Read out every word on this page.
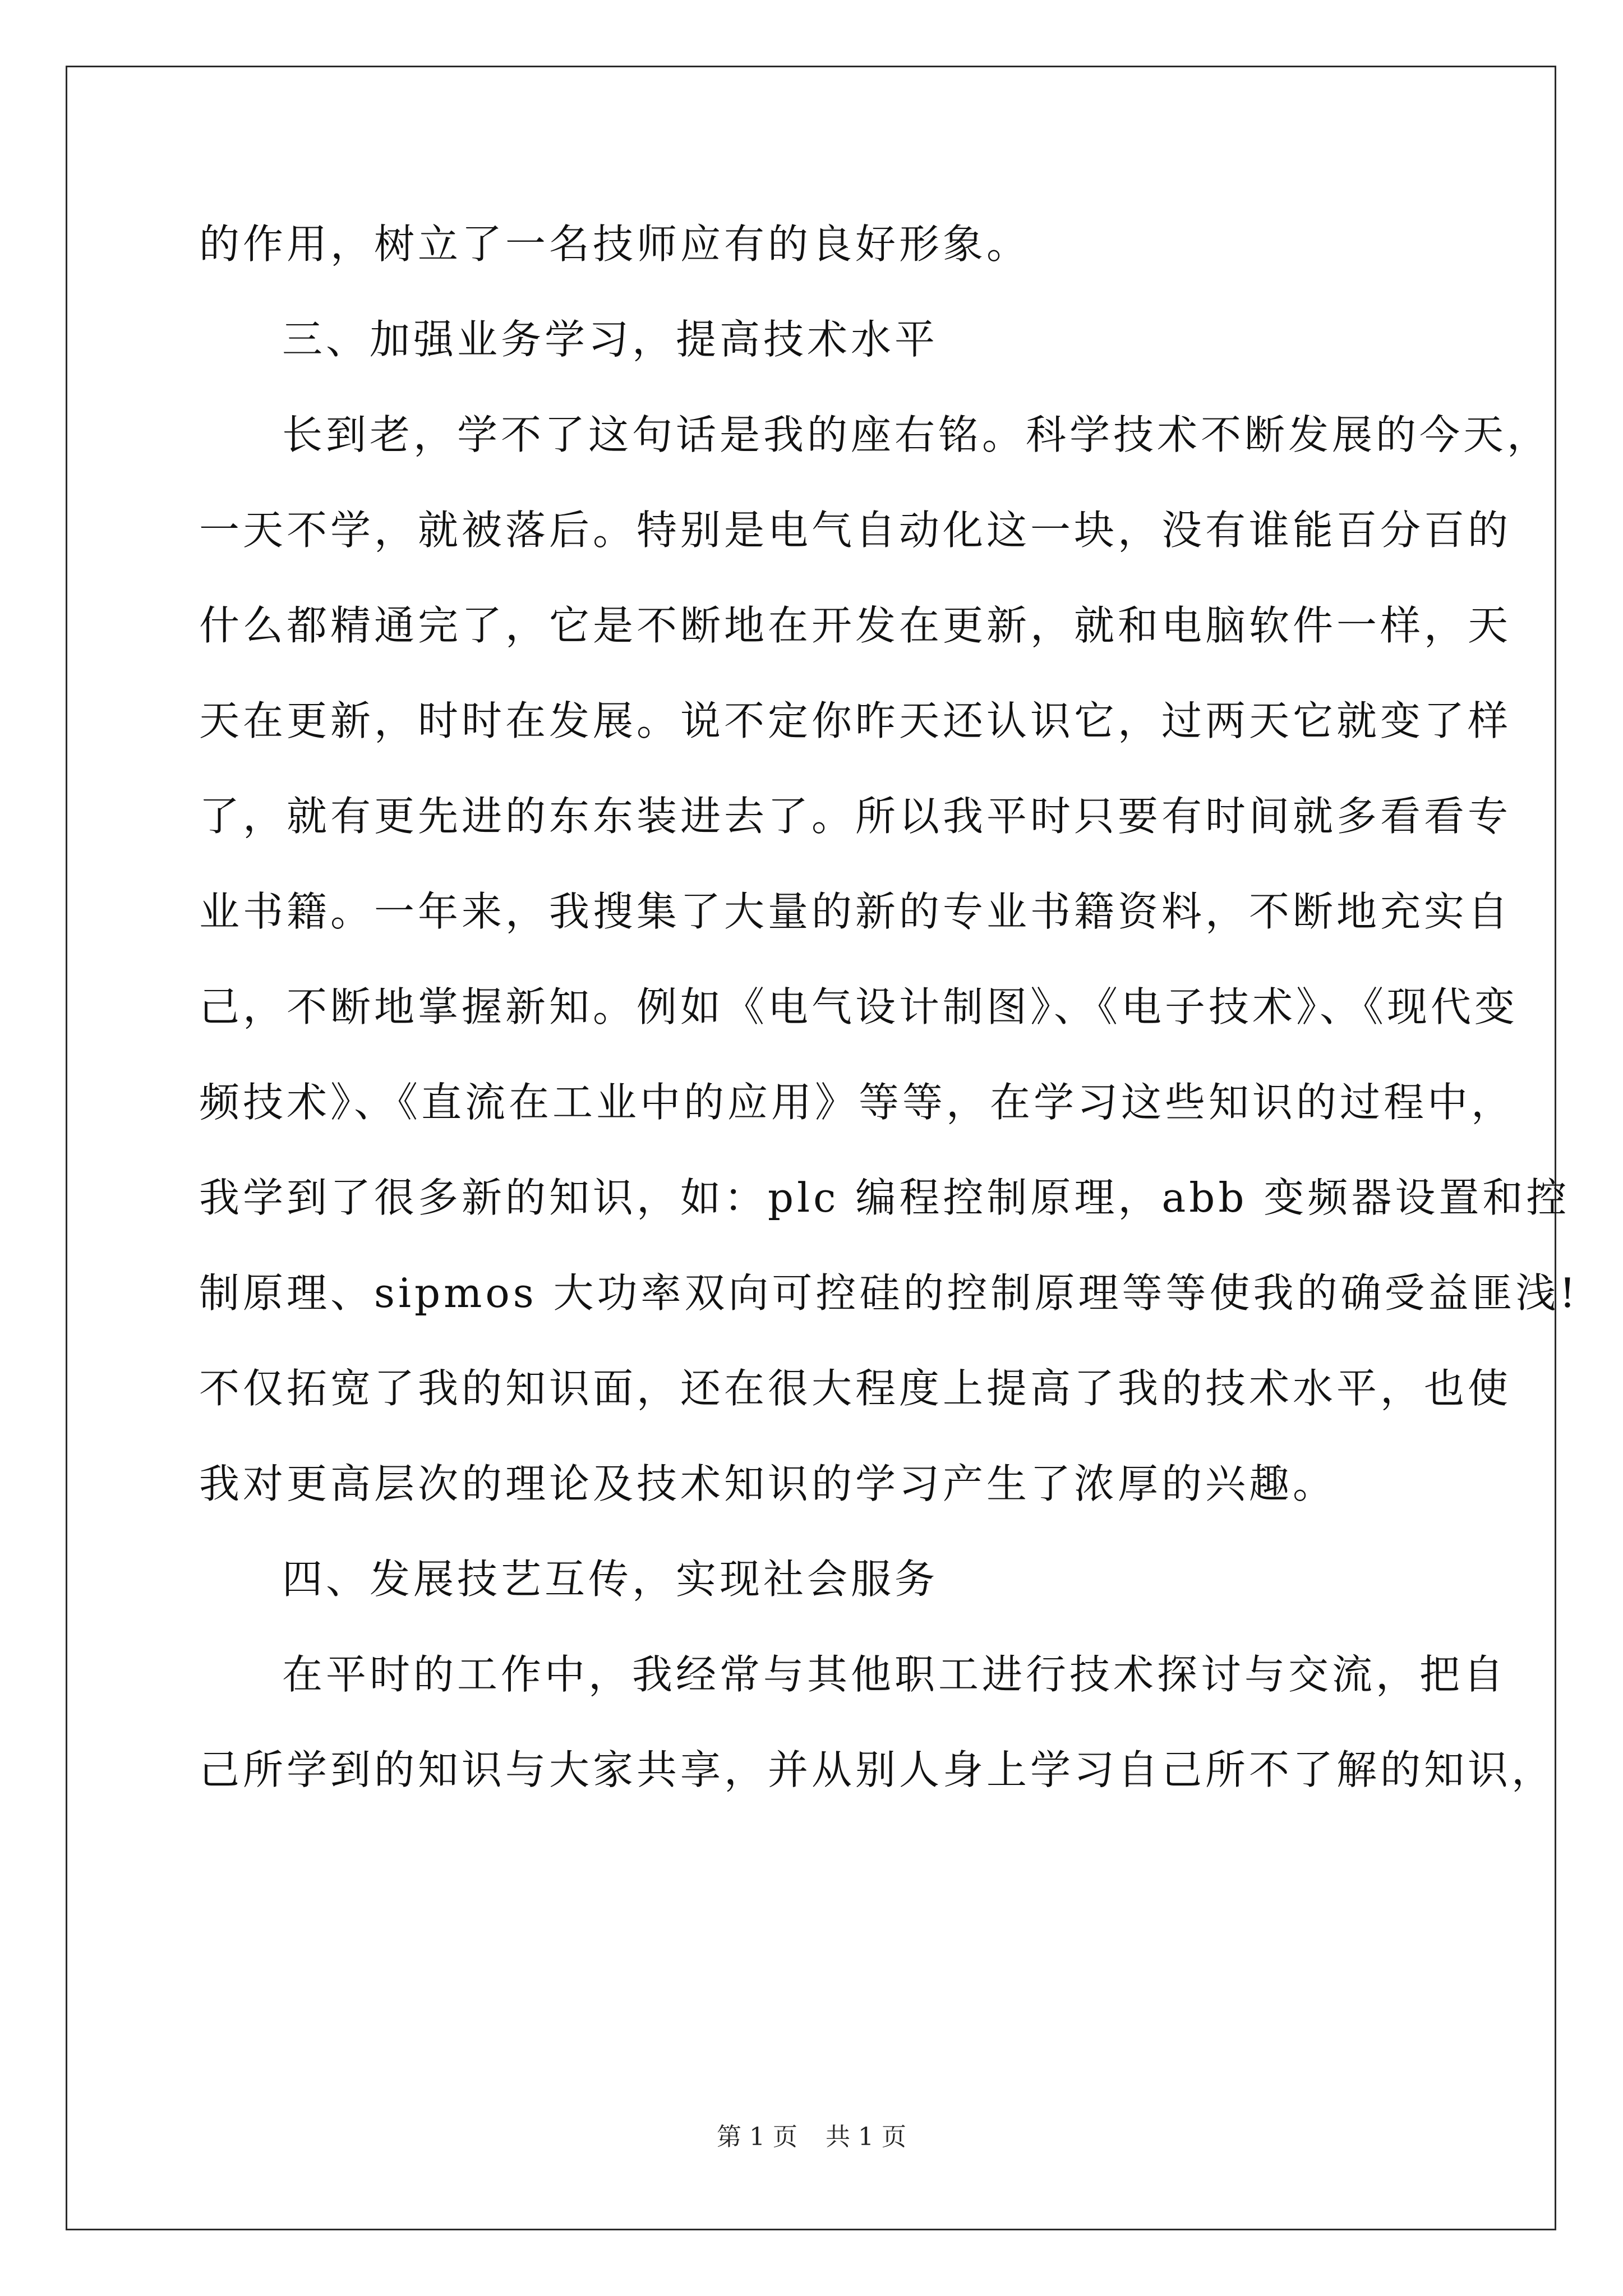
的作用，树立了一名技师应有的良好形象。
三、加强业务学习，提高技术水平
长到老，学不了这句话是我的座右铭。科学技术不断发展的今天，
一天不学，就被落后。特别是电气自动化这一块，没有谁能百分百的
什么都精通完了，它是不断地在开发在更新，就和电脑软件一样，天
天在更新，时时在发展。说不定你昨天还认识它，过两天它就变了样
了，就有更先进的东东装进去了。所以我平时只要有时间就多看看专
业书籍。一年来，我搜集了大量的新的专业书籍资料，不断地充实自
己，不断地掌握新知。例如《电气设计制图》、《电子技术》、《现代变
频技术》、《直流在工业中的应用》等等，在学习这些知识的过程中，
我学到了很多新的知识，如：plc 编程控制原理，abb 变频器设置和控
制原理、sipmos 大功率双向可控硅的控制原理等等使我的确受益匪浅!
不仅拓宽了我的知识面，还在很大程度上提高了我的技术水平，也使
我对更高层次的理论及技术知识的学习产生了浓厚的兴趣。
四、发展技艺互传，实现社会服务
在平时的工作中，我经常与其他职工进行技术探讨与交流，把自
己所学到的知识与大家共享，并从别人身上学习自己所不了解的知识，
第 1 页 共 1 页
